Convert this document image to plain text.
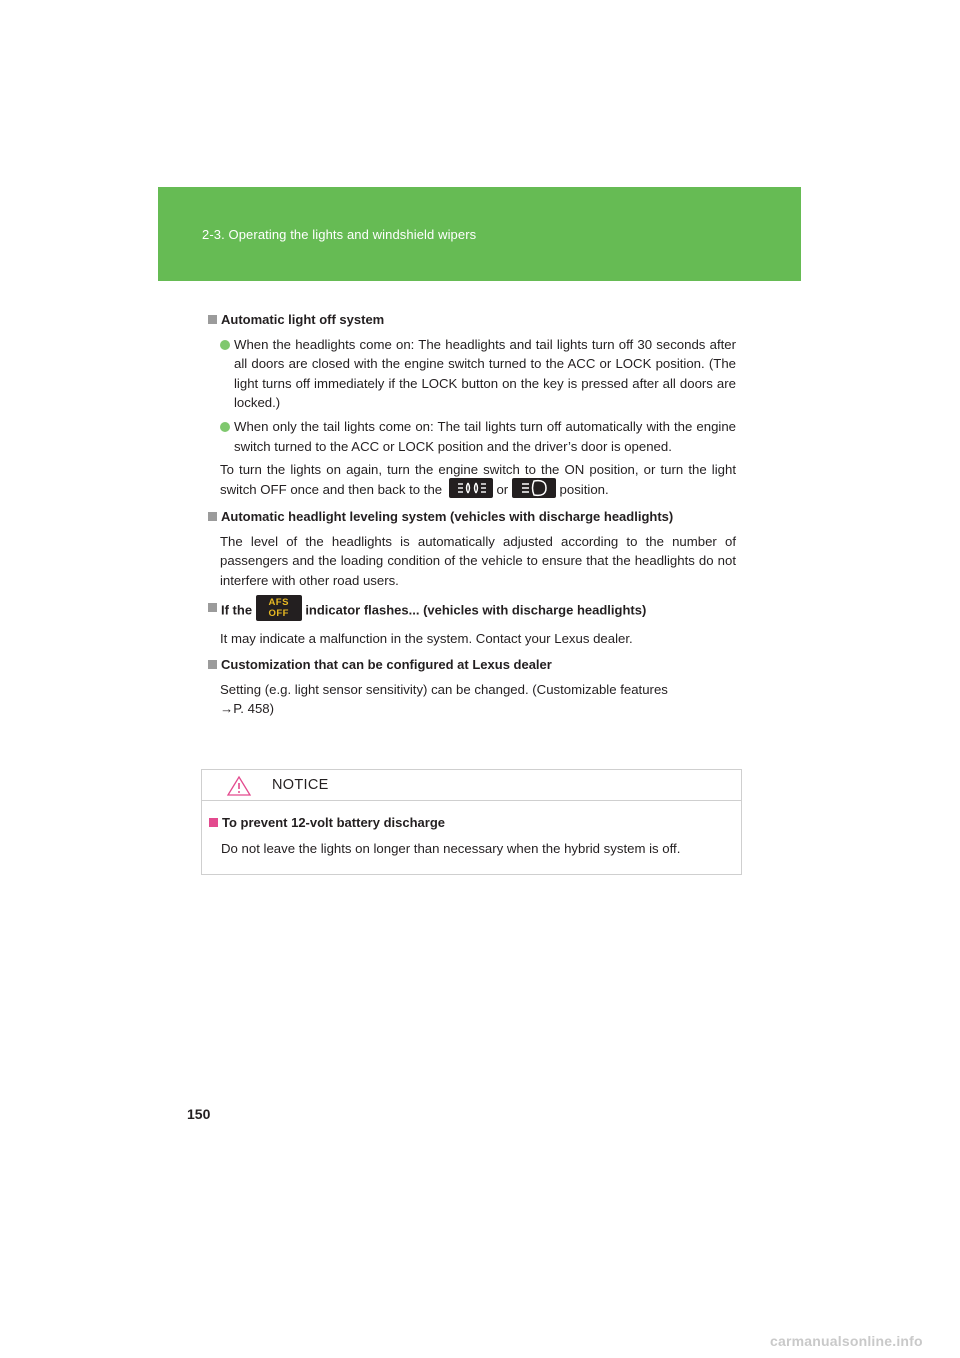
2-3. Operating the lights and windshield wipers
Automatic light off system
When the headlights come on: The headlights and tail lights turn off 30 seconds after all doors are closed with the engine switch turned to the ACC or LOCK position. (The light turns off immediately if the LOCK button on the key is pressed after all doors are locked.)
When only the tail lights come on: The tail lights turn off automatically with the engine switch turned to the ACC or LOCK position and the driver’s door is opened.
To turn the lights on again, turn the engine switch to the ON position, or turn the light switch OFF once and then back to the	or	position.
Automatic headlight leveling system (vehicles with discharge headlights)
The level of the headlights is automatically adjusted according to the number of passengers and the loading condition of the vehicle to ensure that the headlights do not interfere with other road users.
If the	AFS
OFF	indicator flashes... (vehicles with discharge headlights)
It may indicate a malfunction in the system. Contact your Lexus dealer.
Customization that can be configured at Lexus dealer
Setting (e.g. light sensor sensitivity) can be changed. (Customizable features
→P. 458)
NOTICE
To prevent 12-volt battery discharge
Do not leave the lights on longer than necessary when the hybrid system is off.
150
carmanualsonline.info
